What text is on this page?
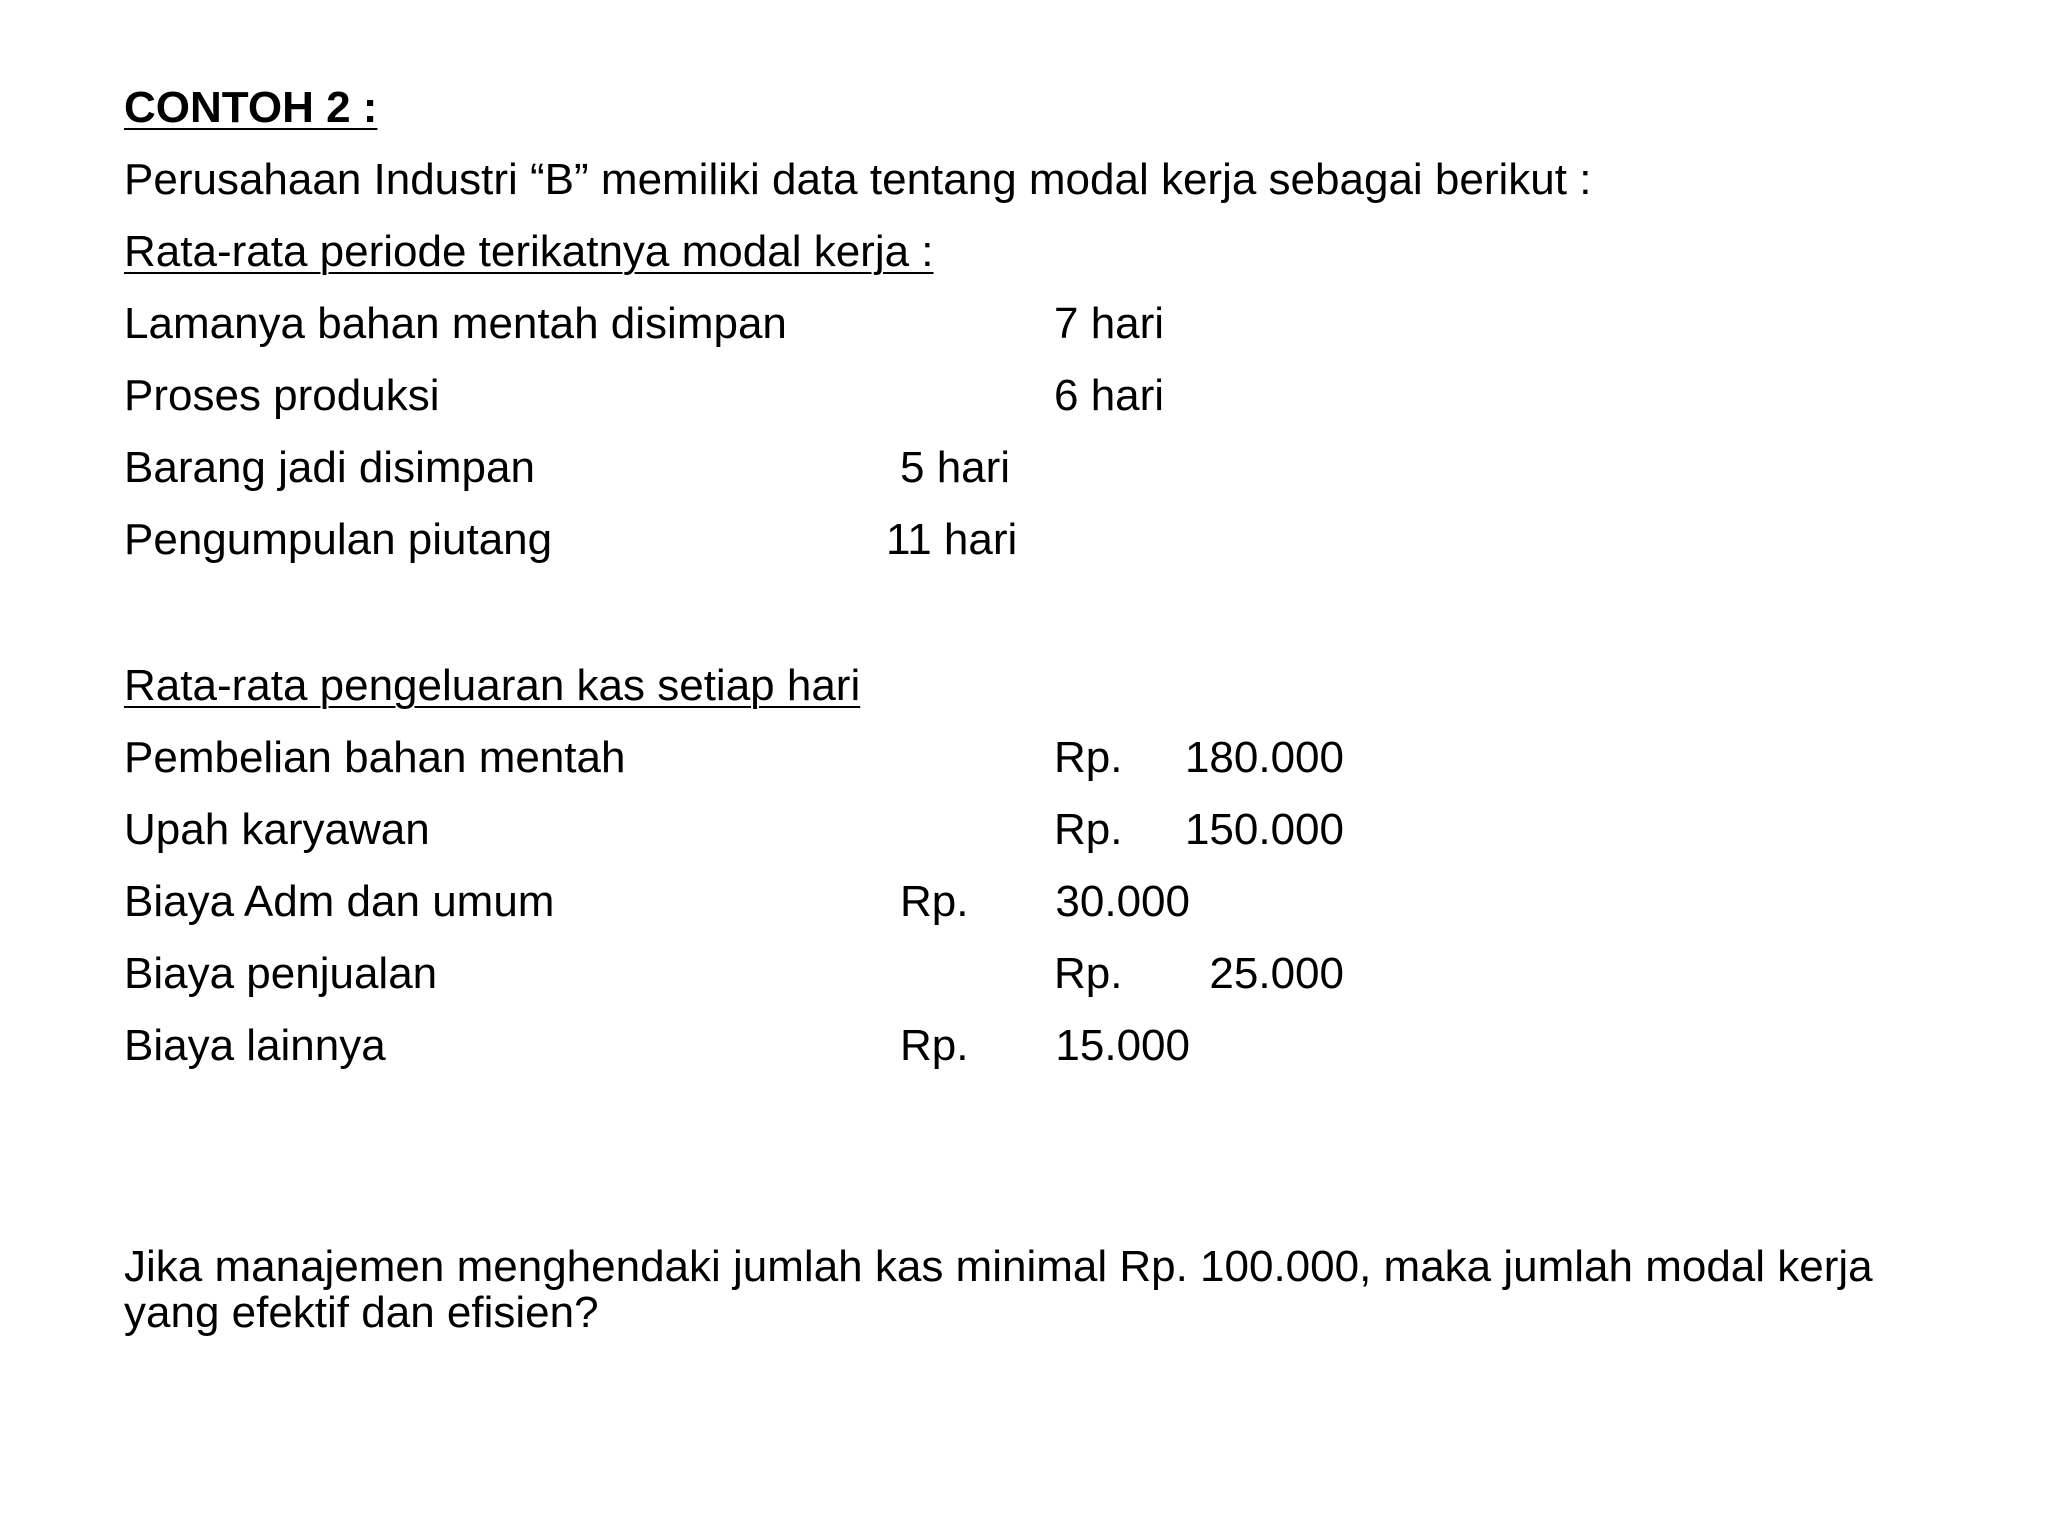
CONTOH 2 :
Perusahaan Industri “B” memiliki data tentang modal kerja sebagai berikut :
Rata-rata periode terikatnya modal kerja :
Lamanya bahan mentah disimpan	7 hari
Proses produksi	6 hari
Barang jadi disimpan	5 hari
Pengumpulan piutang	11 hari
Rata-rata pengeluaran kas setiap hari
Pembelian bahan mentah	Rp.	180.000
Upah karyawan	Rp.	150.000
Biaya Adm dan umum	Rp.	30.000
Biaya penjualan	Rp.	25.000
Biaya lainnya	Rp.	15.000
Jika manajemen menghendaki jumlah kas minimal Rp. 100.000, maka jumlah modal kerja yang efektif dan efisien?
